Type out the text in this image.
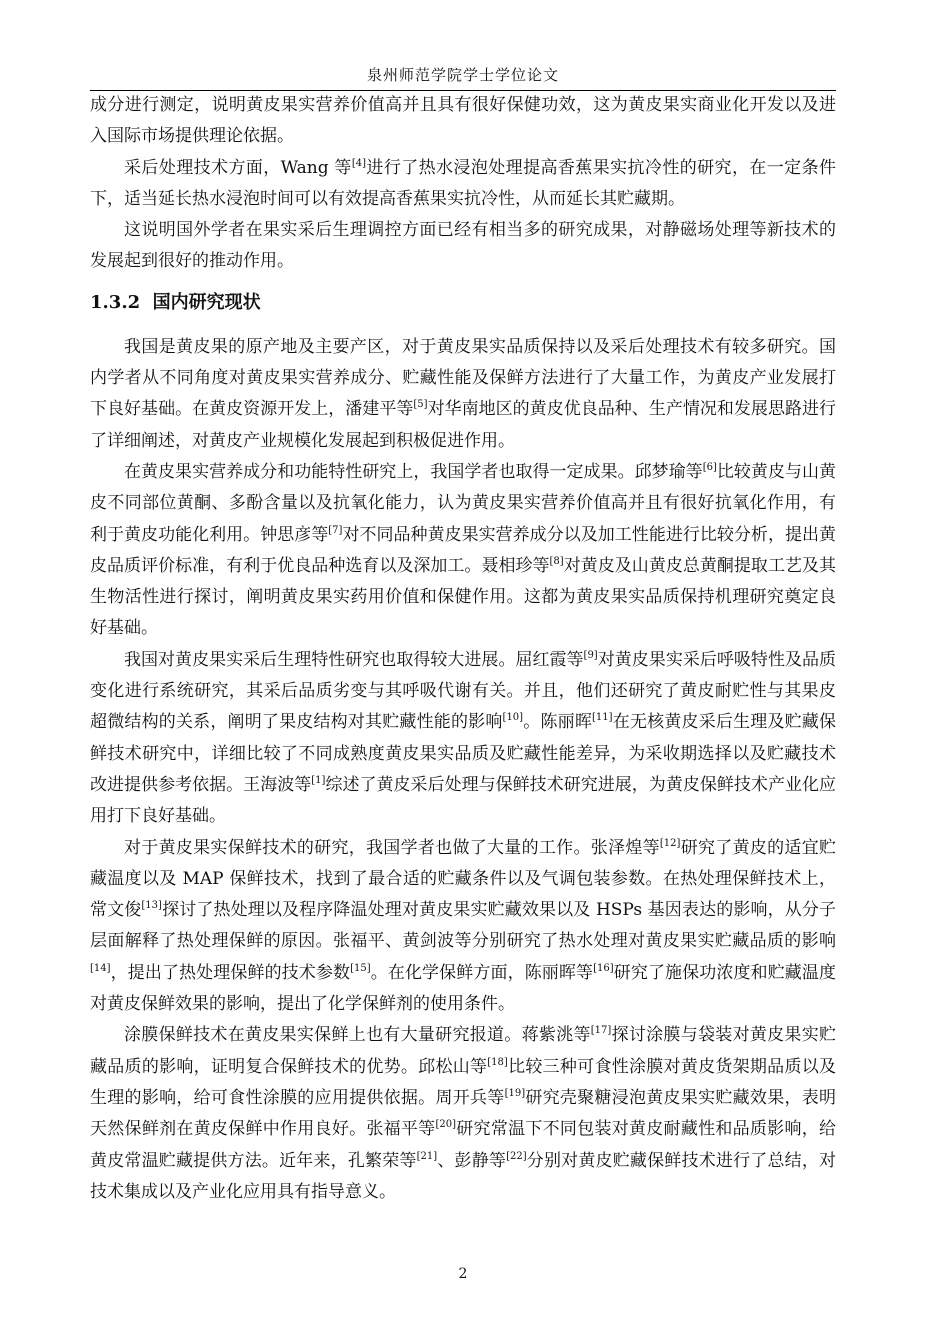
泉州师范学院学士学位论文

成分进行测定，说明黄皮果实营养价值高并且具有很好保健功效，这为黄皮果实商业化开发以及进入国际市场提供理论依据。

采后处理技术方面，Wang 等[4]进行了热水浸泡处理提高香蕉果实抗冷性的研究，在一定条件下，适当延长热水浸泡时间可以有效提高香蕉果实抗冷性，从而延长其贮藏期。

这说明国外学者在果实采后生理调控方面已经有相当多的研究成果，对静磁场处理等新技术的发展起到很好的推动作用。

1.3.2 国内研究现状

我国是黄皮果的原产地及主要产区，对于黄皮果实品质保持以及采后处理技术有较多研究。国内学者从不同角度对黄皮果实营养成分、贮藏性能及保鲜方法进行了大量工作，为黄皮产业发展打下良好基础。在黄皮资源开发上，潘建平等[5]对华南地区的黄皮优良品种、生产情况和发展思路进行了详细阐述，对黄皮产业规模化发展起到积极促进作用。

在黄皮果实营养成分和功能特性研究上，我国学者也取得一定成果。邱梦瑜等[6]比较黄皮与山黄皮不同部位黄酮、多酚含量以及抗氧化能力，认为黄皮果实营养价值高并且有很好抗氧化作用，有利于黄皮功能化利用。钟思彦等[7]对不同品种黄皮果实营养成分以及加工性能进行比较分析，提出黄皮品质评价标准，有利于优良品种选育以及深加工。聂相珍等[8]对黄皮及山黄皮总黄酮提取工艺及其生物活性进行探讨，阐明黄皮果实药用价值和保健作用。这都为黄皮果实品质保持机理研究奠定良好基础。

我国对黄皮果实采后生理特性研究也取得较大进展。屈红霞等[9]对黄皮果实采后呼吸特性及品质变化进行系统研究，其采后品质劣变与其呼吸代谢有关。并且，他们还研究了黄皮耐贮性与其果皮超微结构的关系，阐明了果皮结构对其贮藏性能的影响[10]。陈丽晖[11]在无核黄皮采后生理及贮藏保鲜技术研究中，详细比较了不同成熟度黄皮果实品质及贮藏性能差异，为采收期选择以及贮藏技术改进提供参考依据。王海波等[1]综述了黄皮采后处理与保鲜技术研究进展，为黄皮保鲜技术产业化应用打下良好基础。

对于黄皮果实保鲜技术的研究，我国学者也做了大量的工作。张泽煌等[12]研究了黄皮的适宜贮藏温度以及 MAP 保鲜技术，找到了最合适的贮藏条件以及气调包装参数。在热处理保鲜技术上，常文俊[13]探讨了热处理以及程序降温处理对黄皮果实贮藏效果以及 HSPs 基因表达的影响，从分子层面解释了热处理保鲜的原因。张福平、黄剑波等分别研究了热水处理对黄皮果实贮藏品质的影响[14]，提出了热处理保鲜的技术参数[15]。在化学保鲜方面，陈丽晖等[16]研究了施保功浓度和贮藏温度对黄皮保鲜效果的影响，提出了化学保鲜剂的使用条件。

涂膜保鲜技术在黄皮果实保鲜上也有大量研究报道。蒋紫洮等[17]探讨涂膜与袋装对黄皮果实贮藏品质的影响，证明复合保鲜技术的优势。邱松山等[18]比较三种可食性涂膜对黄皮货架期品质以及生理的影响，给可食性涂膜的应用提供依据。周开兵等[19]研究壳聚糖浸泡黄皮果实贮藏效果，表明天然保鲜剂在黄皮保鲜中作用良好。张福平等[20]研究常温下不同包装对黄皮耐藏性和品质影响，给黄皮常温贮藏提供方法。近年来，孔繁荣等[21]、彭静等[22]分别对黄皮贮藏保鲜技术进行了总结，对技术集成以及产业化应用具有指导意义。

2
